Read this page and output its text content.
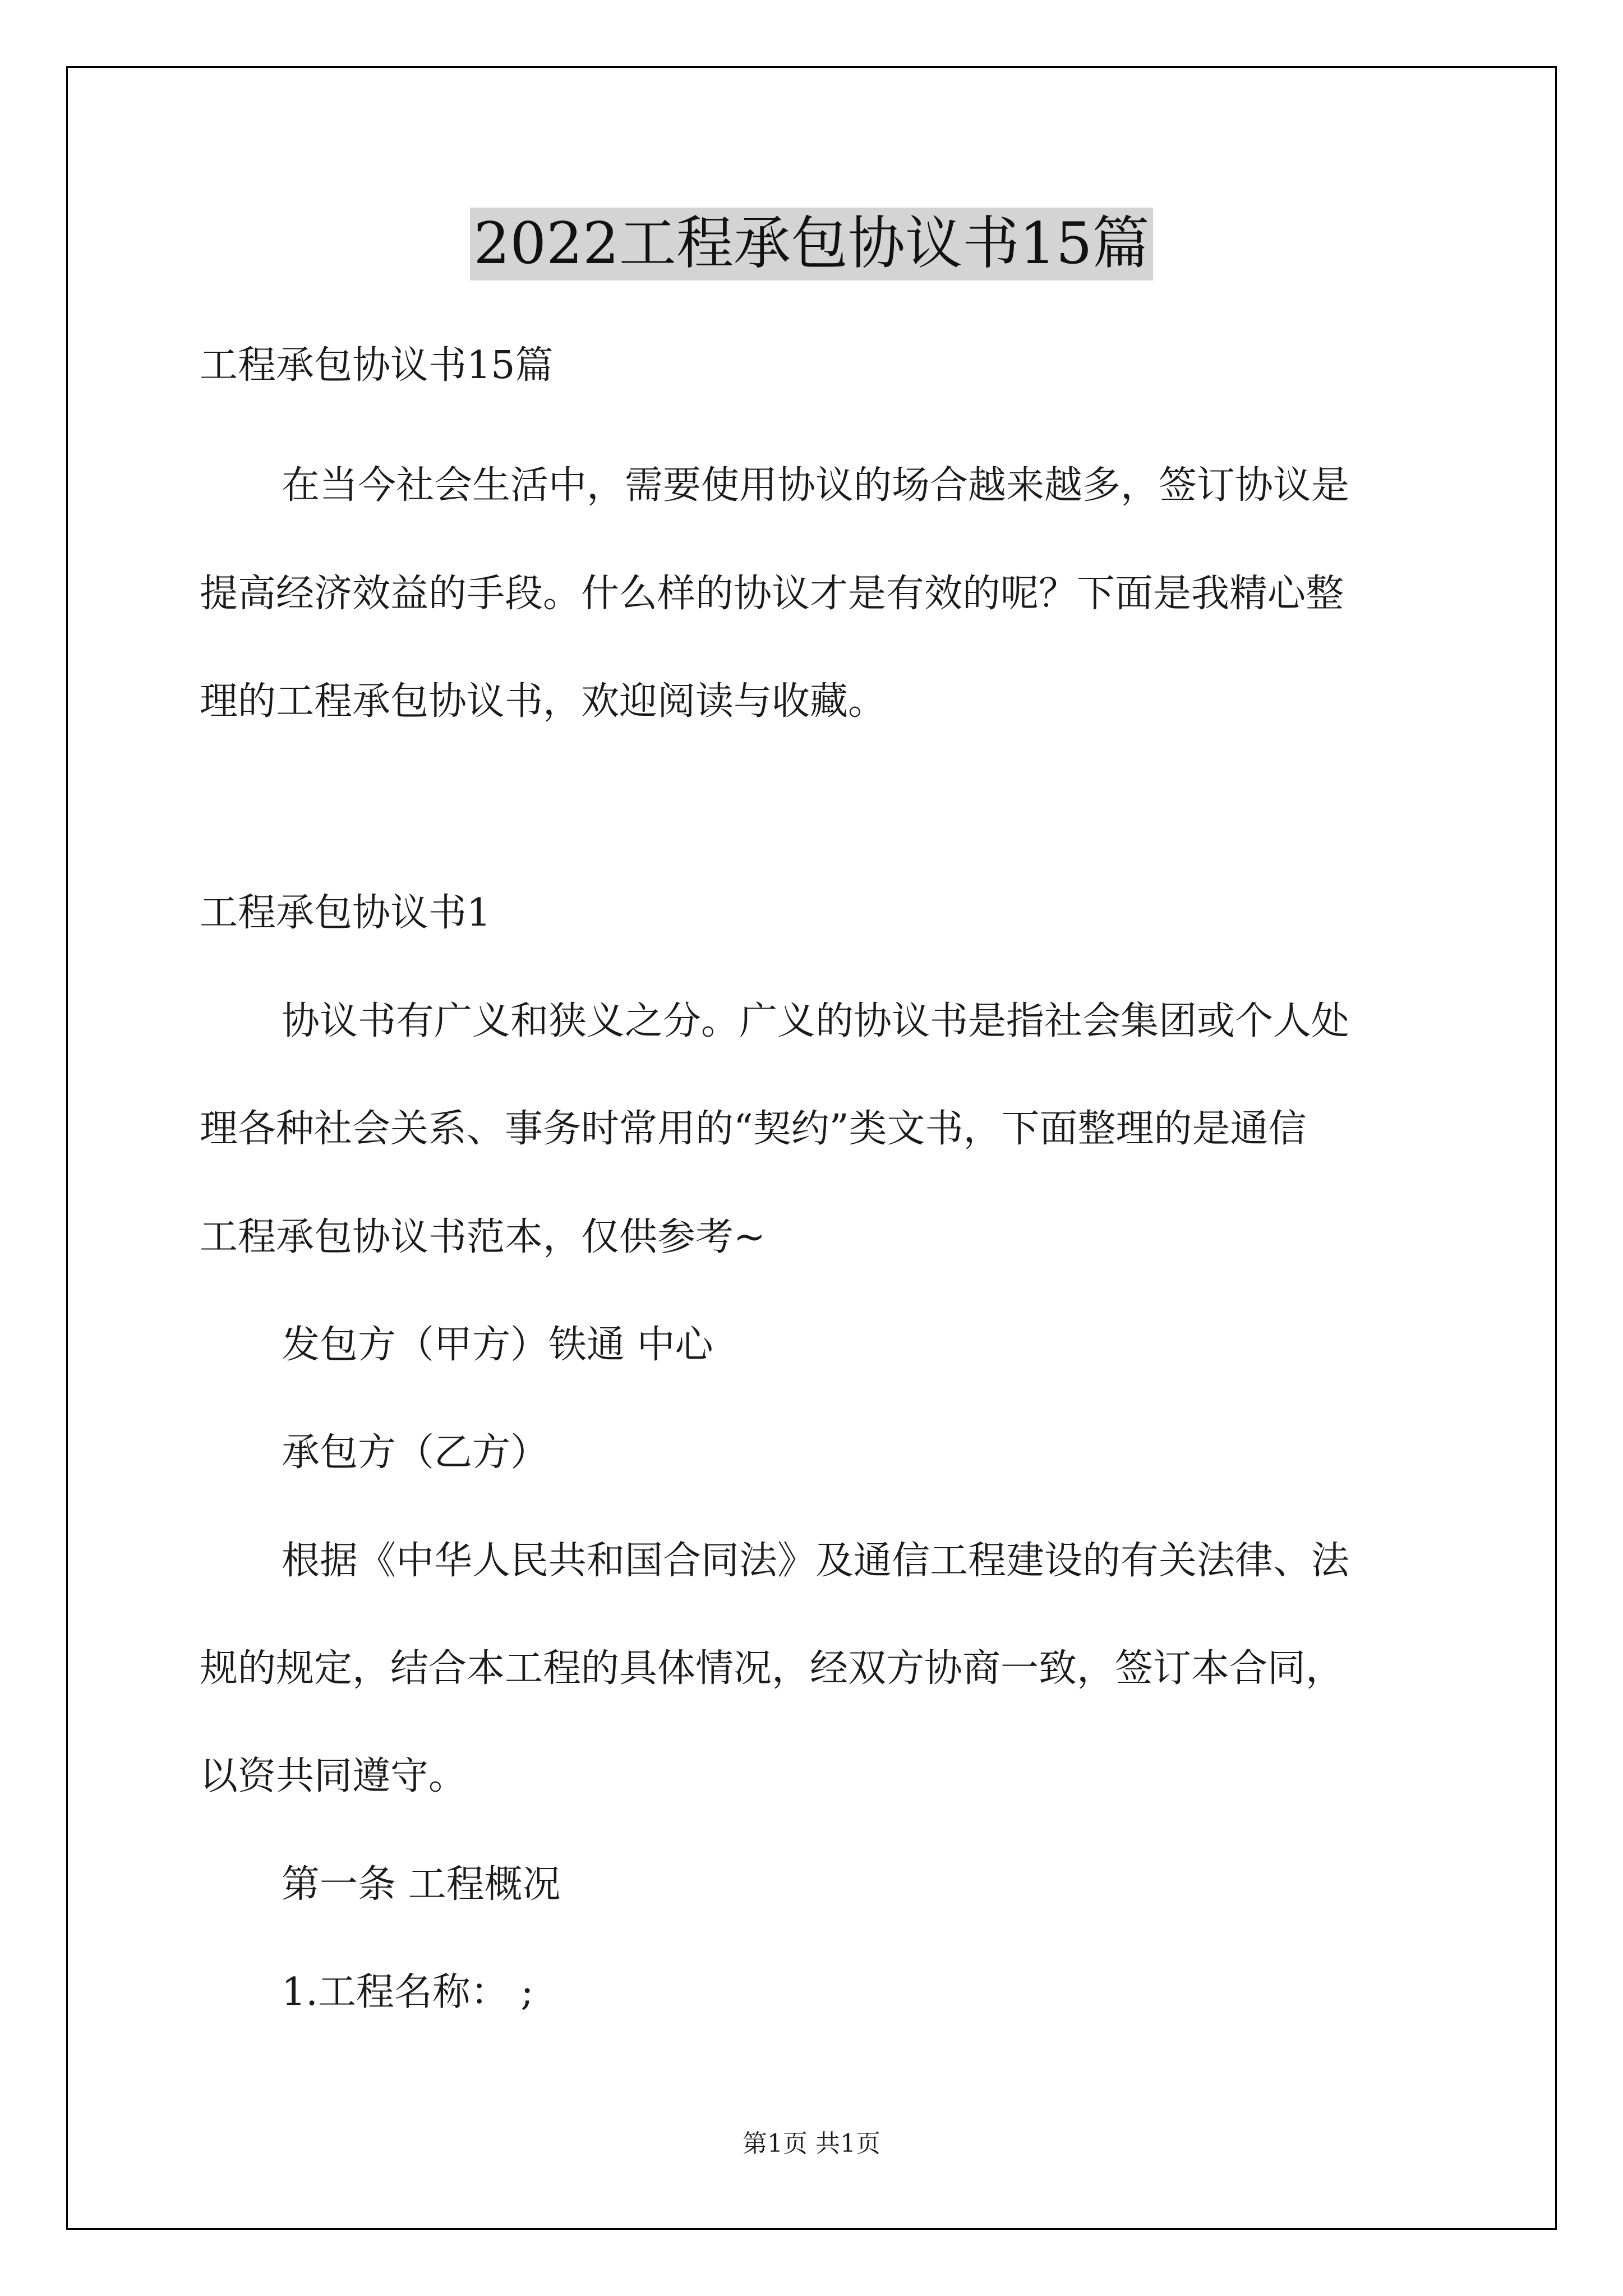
2022工程承包协议书15篇
工程承包协议书15篇
在当今社会生活中，需要使用协议的场合越来越多，签订协议是
提高经济效益的手段。什么样的协议才是有效的呢？下面是我精心整
理的工程承包协议书，欢迎阅读与收藏。
工程承包协议书1
协议书有广义和狭义之分。广义的协议书是指社会集团或个人处
理各种社会关系、事务时常用的“契约”类文书，下面整理的是通信
工程承包协议书范本，仅供参考~
发包方（甲方）铁通 中心
承包方（乙方）
根据《中华人民共和国合同法》及通信工程建设的有关法律、法
规的规定，结合本工程的具体情况，经双方协商一致，签订本合同，
以资共同遵守。
第一条 工程概况
1.工程名称： ;
第1页 共1页
